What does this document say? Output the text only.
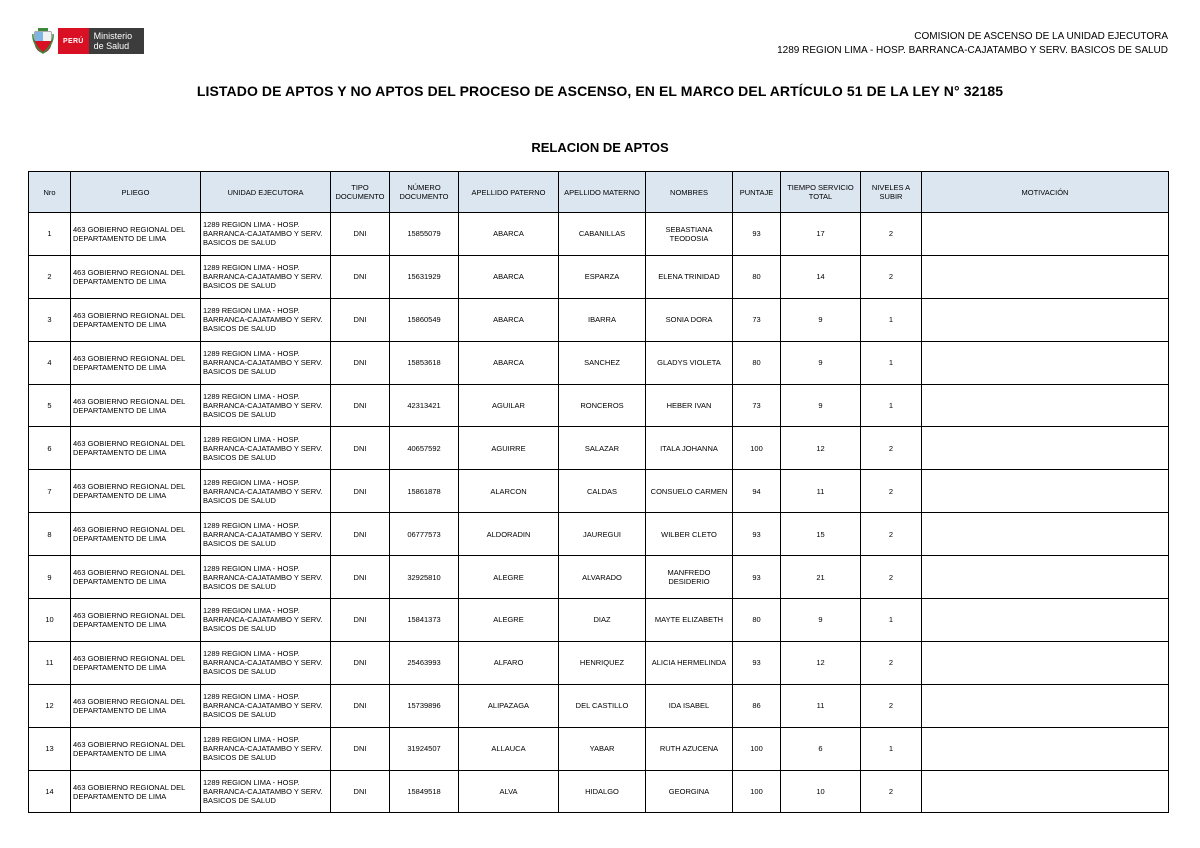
PERÚ	Ministerio
de Salud
COMISION DE ASCENSO DE LA UNIDAD EJECUTORA
1289 REGION LIMA - HOSP. BARRANCA-CAJATAMBO Y SERV. BASICOS DE SALUD
LISTADO DE APTOS Y NO APTOS DEL PROCESO DE ASCENSO, EN EL MARCO DEL ARTÍCULO 51 DE LA LEY N° 32185
RELACION DE APTOS
Nro	PLIEGO	UNIDAD EJECUTORA	TIPO DOCUMENTO	NÚMERO DOCUMENTO	APELLIDO PATERNO	APELLIDO MATERNO	NOMBRES	PUNTAJE	TIEMPO SERVICIO TOTAL	NIVELES A SUBIR	MOTIVACIÓN
1	463 GOBIERNO REGIONAL DEL DEPARTAMENTO DE LIMA	1289 REGION LIMA - HOSP. BARRANCA-CAJATAMBO Y SERV. BASICOS DE SALUD	DNI	15855079	ABARCA	CABANILLAS	SEBASTIANA TEODOSIA	93	17	2	
2	463 GOBIERNO REGIONAL DEL DEPARTAMENTO DE LIMA	1289 REGION LIMA - HOSP. BARRANCA-CAJATAMBO Y SERV. BASICOS DE SALUD	DNI	15631929	ABARCA	ESPARZA	ELENA TRINIDAD	80	14	2	
3	463 GOBIERNO REGIONAL DEL DEPARTAMENTO DE LIMA	1289 REGION LIMA - HOSP. BARRANCA-CAJATAMBO Y SERV. BASICOS DE SALUD	DNI	15860549	ABARCA	IBARRA	SONIA DORA	73	9	1	
4	463 GOBIERNO REGIONAL DEL DEPARTAMENTO DE LIMA	1289 REGION LIMA - HOSP. BARRANCA-CAJATAMBO Y SERV. BASICOS DE SALUD	DNI	15853618	ABARCA	SANCHEZ	GLADYS VIOLETA	80	9	1	
5	463 GOBIERNO REGIONAL DEL DEPARTAMENTO DE LIMA	1289 REGION LIMA - HOSP. BARRANCA-CAJATAMBO Y SERV. BASICOS DE SALUD	DNI	42313421	AGUILAR	RONCEROS	HEBER IVAN	73	9	1	
6	463 GOBIERNO REGIONAL DEL DEPARTAMENTO DE LIMA	1289 REGION LIMA - HOSP. BARRANCA-CAJATAMBO Y SERV. BASICOS DE SALUD	DNI	40657592	AGUIRRE	SALAZAR	ITALA JOHANNA	100	12	2	
7	463 GOBIERNO REGIONAL DEL DEPARTAMENTO DE LIMA	1289 REGION LIMA - HOSP. BARRANCA-CAJATAMBO Y SERV. BASICOS DE SALUD	DNI	15861878	ALARCON	CALDAS	CONSUELO CARMEN	94	11	2	
8	463 GOBIERNO REGIONAL DEL DEPARTAMENTO DE LIMA	1289 REGION LIMA - HOSP. BARRANCA-CAJATAMBO Y SERV. BASICOS DE SALUD	DNI	06777573	ALDORADIN	JAUREGUI	WILBER CLETO	93	15	2	
9	463 GOBIERNO REGIONAL DEL DEPARTAMENTO DE LIMA	1289 REGION LIMA - HOSP. BARRANCA-CAJATAMBO Y SERV. BASICOS DE SALUD	DNI	32925810	ALEGRE	ALVARADO	MANFREDO DESIDERIO	93	21	2	
10	463 GOBIERNO REGIONAL DEL DEPARTAMENTO DE LIMA	1289 REGION LIMA - HOSP. BARRANCA-CAJATAMBO Y SERV. BASICOS DE SALUD	DNI	15841373	ALEGRE	DIAZ	MAYTE ELIZABETH	80	9	1	
11	463 GOBIERNO REGIONAL DEL DEPARTAMENTO DE LIMA	1289 REGION LIMA - HOSP. BARRANCA-CAJATAMBO Y SERV. BASICOS DE SALUD	DNI	25463993	ALFARO	HENRIQUEZ	ALICIA HERMELINDA	93	12	2	
12	463 GOBIERNO REGIONAL DEL DEPARTAMENTO DE LIMA	1289 REGION LIMA - HOSP. BARRANCA-CAJATAMBO Y SERV. BASICOS DE SALUD	DNI	15739896	ALIPAZAGA	DEL CASTILLO	IDA ISABEL	86	11	2	
13	463 GOBIERNO REGIONAL DEL DEPARTAMENTO DE LIMA	1289 REGION LIMA - HOSP. BARRANCA-CAJATAMBO Y SERV. BASICOS DE SALUD	DNI	31924507	ALLAUCA	YABAR	RUTH AZUCENA	100	6	1	
14	463 GOBIERNO REGIONAL DEL DEPARTAMENTO DE LIMA	1289 REGION LIMA - HOSP. BARRANCA-CAJATAMBO Y SERV. BASICOS DE SALUD	DNI	15849518	ALVA	HIDALGO	GEORGINA	100	10	2	
